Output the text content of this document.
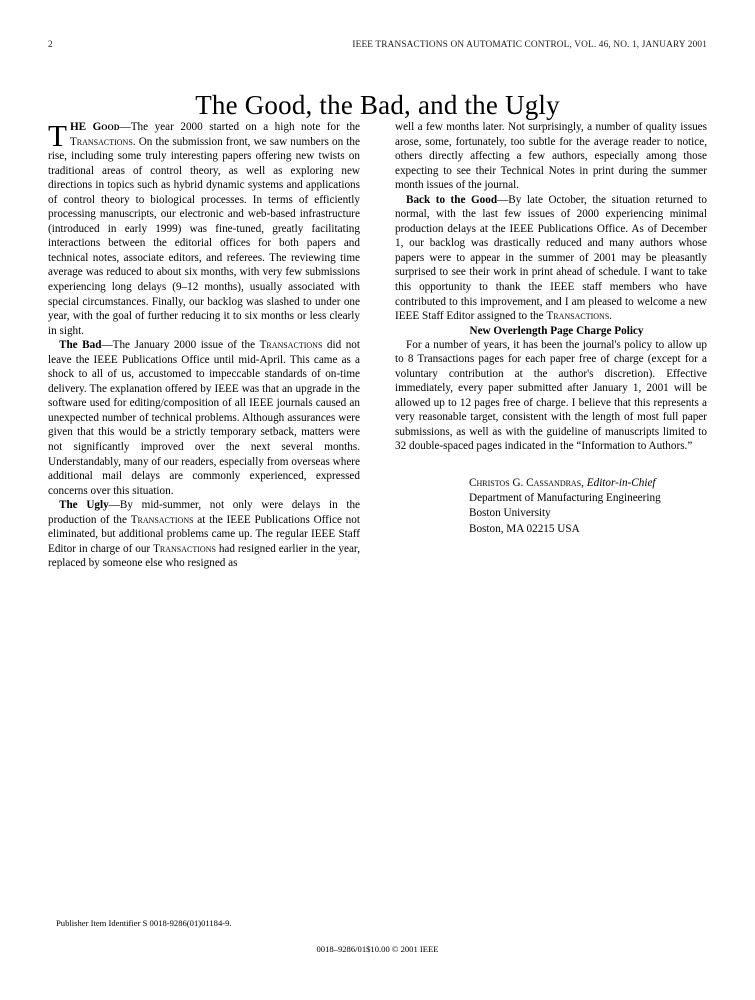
2	IEEE TRANSACTIONS ON AUTOMATIC CONTROL, VOL. 46, NO. 1, JANUARY 2001
The Good, the Bad, and the Ugly

THE Good—The year 2000 started on a high note for the Transactions. On the submission front, we saw numbers on the rise, including some truly interesting papers offering new twists on traditional areas of control theory, as well as exploring new directions in topics such as hybrid dynamic systems and applications of control theory to biological processes. In terms of efficiently processing manuscripts, our electronic and web-based infrastructure (introduced in early 1999) was fine-tuned, greatly facilitating interactions between the editorial offices for both papers and technical notes, associate editors, and referees. The reviewing time average was reduced to about six months, with very few submissions experiencing long delays (9–12 months), usually associated with special circumstances. Finally, our backlog was slashed to under one year, with the goal of further reducing it to six months or less clearly in sight.

The Bad—The January 2000 issue of the Transactions did not leave the IEEE Publications Office until mid-April. This came as a shock to all of us, accustomed to impeccable standards of on-time delivery. The explanation offered by IEEE was that an upgrade in the software used for editing/composition of all IEEE journals caused an unexpected number of technical problems. Although assurances were given that this would be a strictly temporary setback, matters were not significantly improved over the next several months. Understandably, many of our readers, especially from overseas where additional mail delays are commonly experienced, expressed concerns over this situation.

The Ugly—By mid-summer, not only were delays in the production of the Transactions at the IEEE Publications Office not eliminated, but additional problems came up. The regular IEEE Staff Editor in charge of our Transactions had resigned earlier in the year, replaced by someone else who resigned as

well a few months later. Not surprisingly, a number of quality issues arose, some, fortunately, too subtle for the average reader to notice, others directly affecting a few authors, especially among those expecting to see their Technical Notes in print during the summer month issues of the journal.

Back to the Good—By late October, the situation returned to normal, with the last few issues of 2000 experiencing minimal production delays at the IEEE Publications Office. As of December 1, our backlog was drastically reduced and many authors whose papers were to appear in the summer of 2001 may be pleasantly surprised to see their work in print ahead of schedule. I want to take this opportunity to thank the IEEE staff members who have contributed to this improvement, and I am pleased to welcome a new IEEE Staff Editor assigned to the Transactions.

New Overlength Page Charge Policy

For a number of years, it has been the journal's policy to allow up to 8 Transactions pages for each paper free of charge (except for a voluntary contribution at the author's discretion). Effective immediately, every paper submitted after January 1, 2001 will be allowed up to 12 pages free of charge. I believe that this represents a very reasonable target, consistent with the length of most full paper submissions, as well as with the guideline of manuscripts limited to 32 double-spaced pages indicated in the “Information to Authors.”

Christos G. Cassandras, Editor-in-Chief
Department of Manufacturing Engineering
Boston University
Boston, MA 02215 USA
Publisher Item Identifier S 0018-9286(01)01184-9.
0018–9286/01$10.00 © 2001 IEEE
